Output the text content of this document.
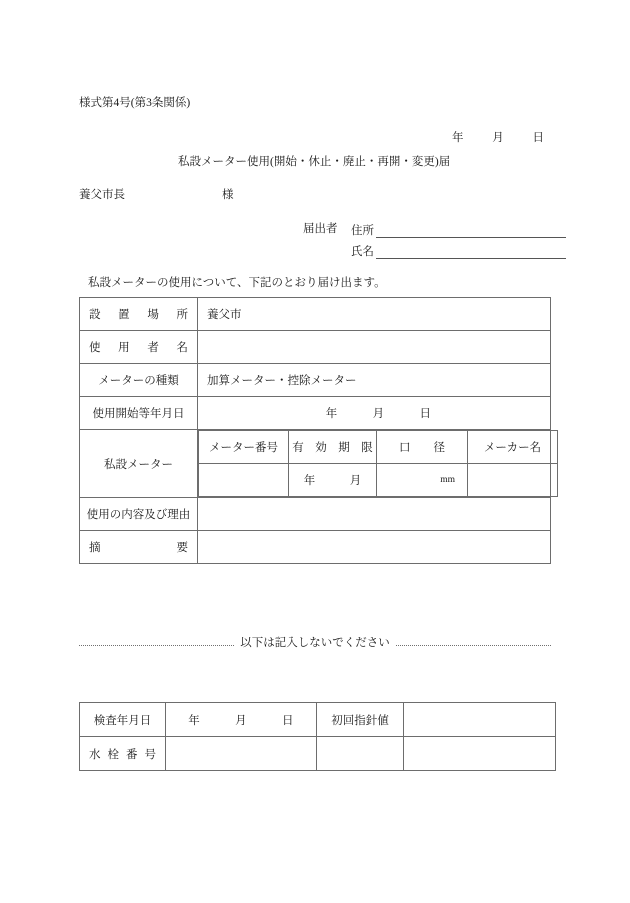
様式第4号(第3条関係)
年	月	日
私設メーター使用(開始・休止・廃止・再開・変更)届
養父市長	様
届出者 住所
氏名
私設メーターの使用について、下記のとおり届け出ます。
設 置 場 所	養父市

使 用 者 名

メーターの種類	加算メーター・控除メーター

使用開始等年月日	年　　　月　　　日

私設メーター

メーター番号	有　効　期　限	口　　径	メーカー名
	年　　　月	mm

使用の内容及び理由	

摘	要

以下は記入しないでください
検査年月日	年　　　月　　　日	初回指針値	

水 栓 番 号			
